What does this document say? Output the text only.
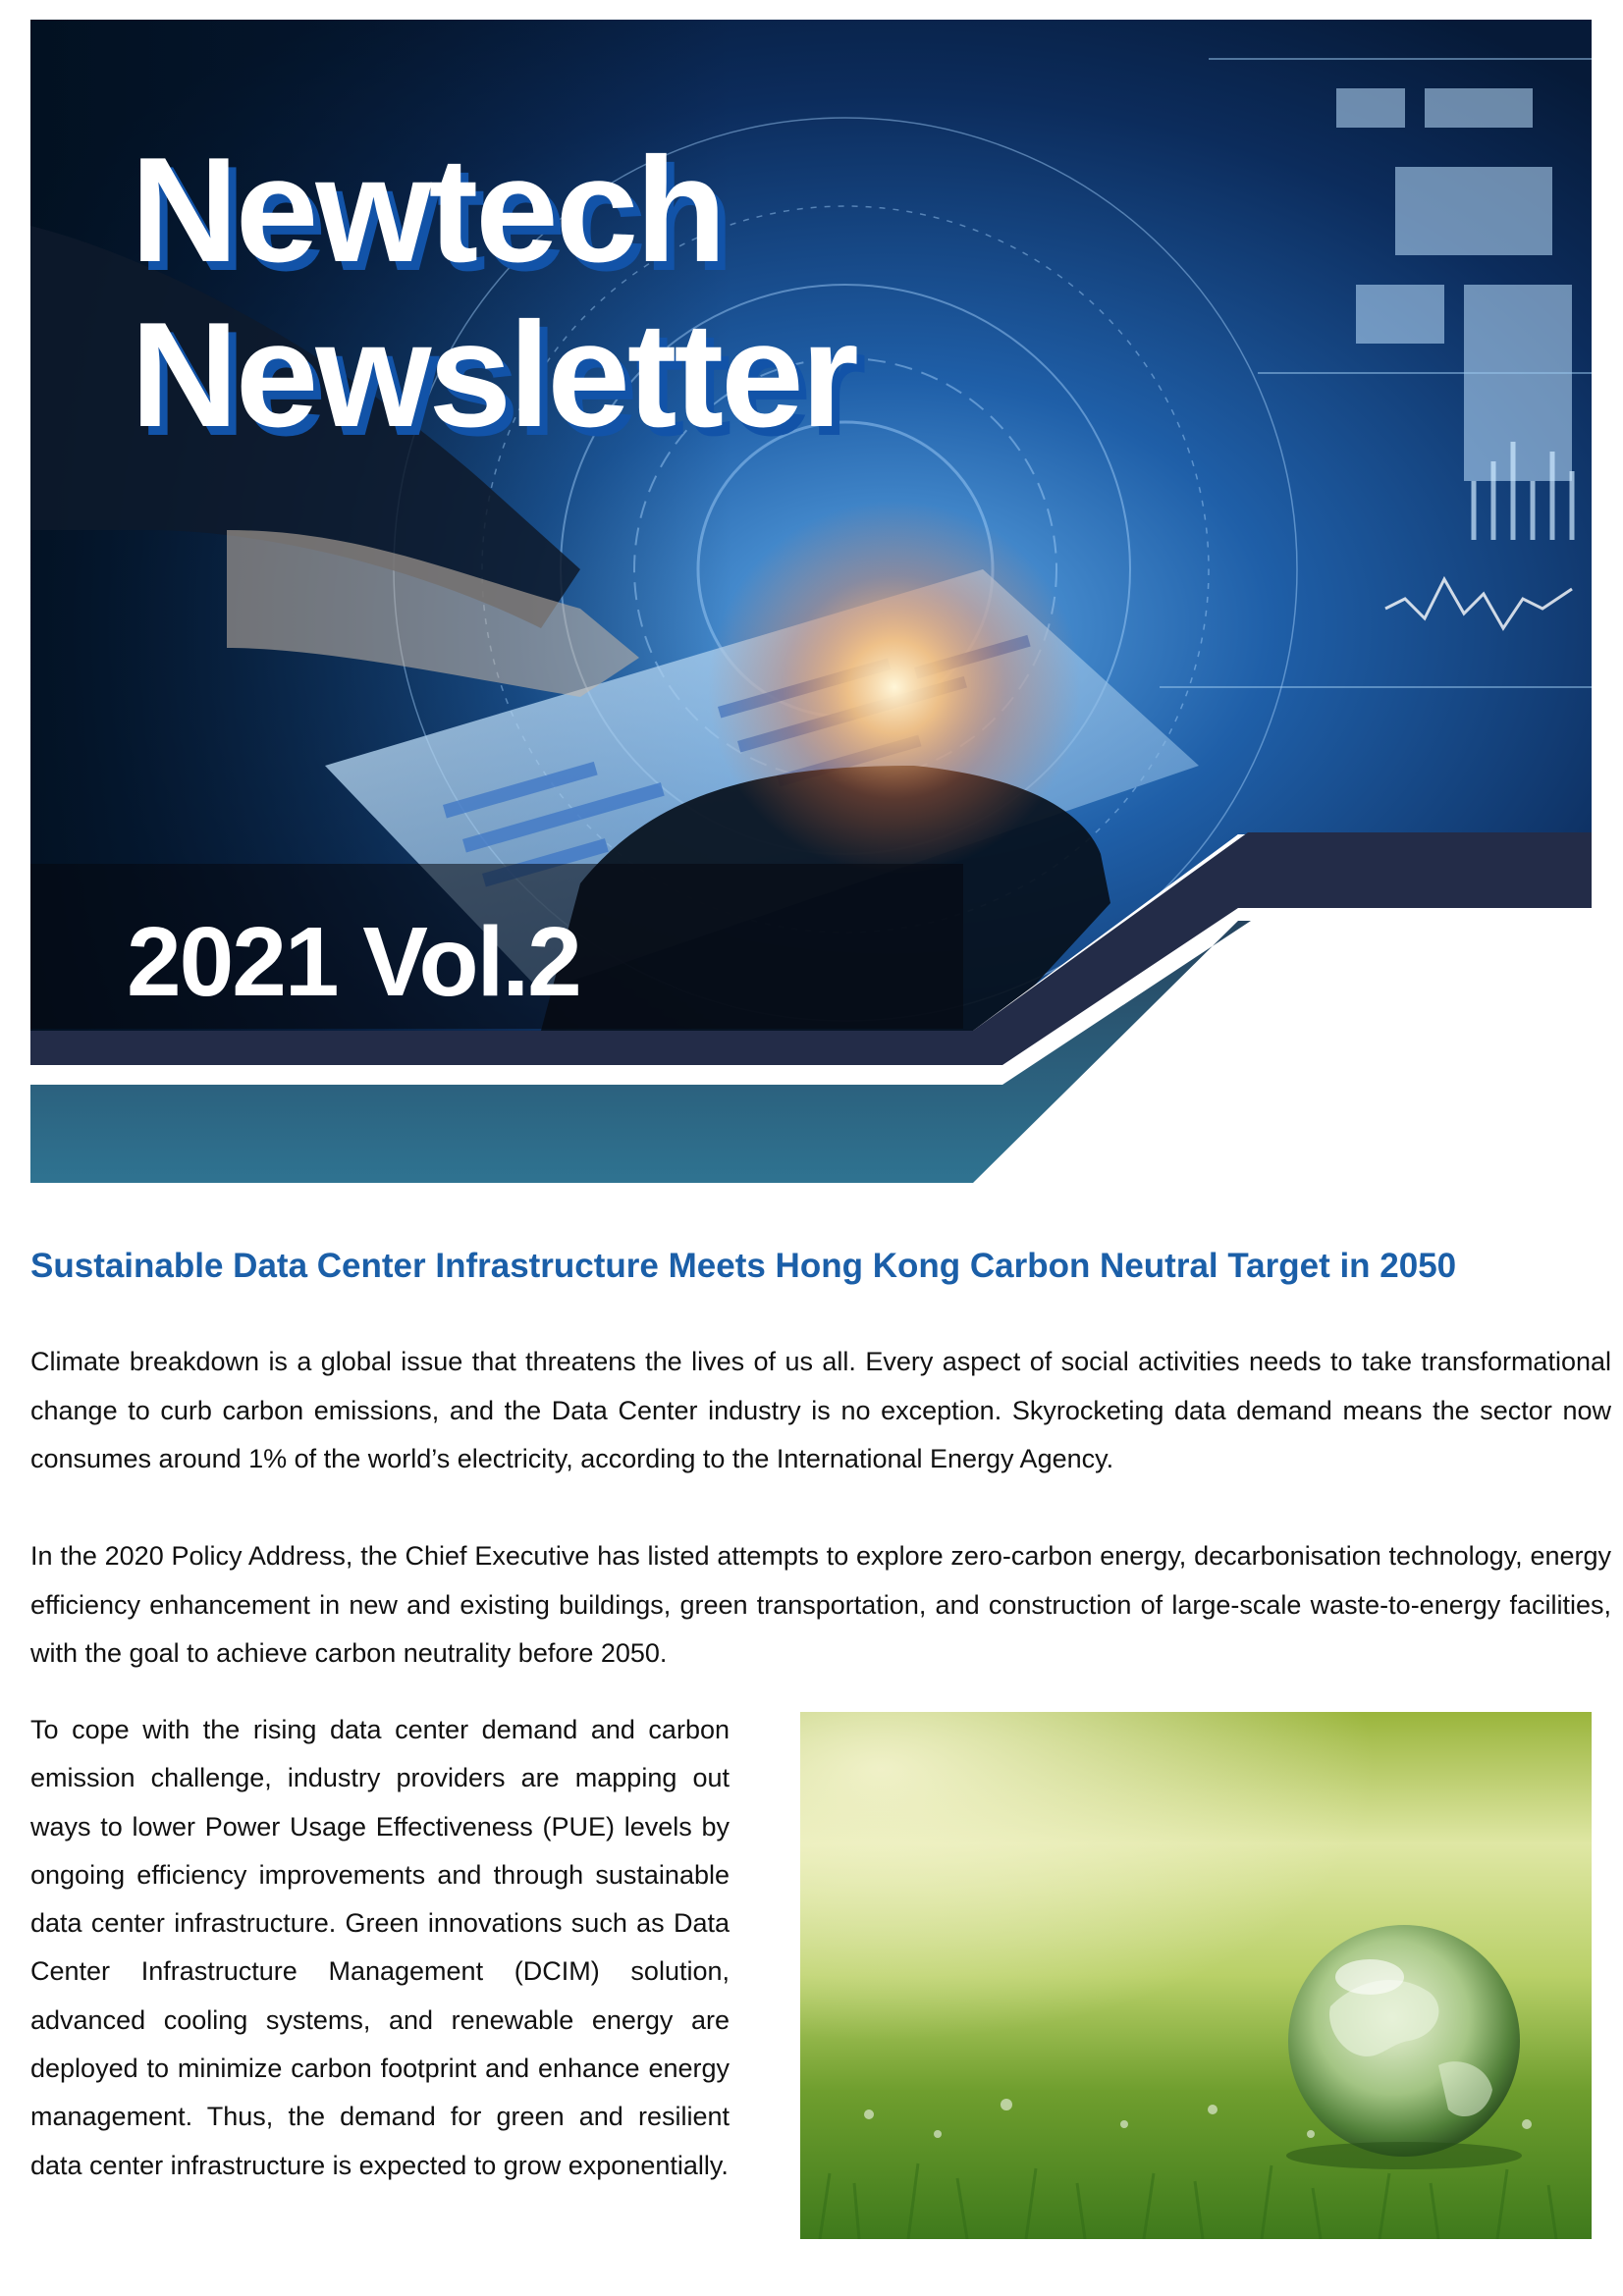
Newtech
Newsletter
2021 Vol.2
Sustainable Data Center Infrastructure Meets Hong Kong Carbon Neutral Target in 2050

Climate breakdown is a global issue that threatens the lives of us all. Every aspect of social activities needs to take transformational change to curb carbon emissions, and the Data Center industry is no exception. Skyrocketing data demand means the sector now consumes around 1% of the world’s electricity, according to the International Energy Agency.

In the 2020 Policy Address, the Chief Executive has listed attempts to explore zero-carbon energy, decarbonisation technology, energy efficiency enhancement in new and existing buildings, green transportation, and construction of large-scale waste-to-energy facilities, with the goal to achieve carbon neutrality before 2050.

To cope with the rising data center demand and carbon emission challenge, industry providers are mapping out ways to lower Power Usage Effectiveness (PUE) levels by ongoing efficiency improvements and through sustainable data center infrastructure. Green innovations such as Data Center Infrastructure Management (DCIM) solution, advanced cooling systems, and renewable energy are deployed to minimize carbon footprint and enhance energy management. Thus, the demand for green and resilient data center infrastructure is expected to grow exponentially.
